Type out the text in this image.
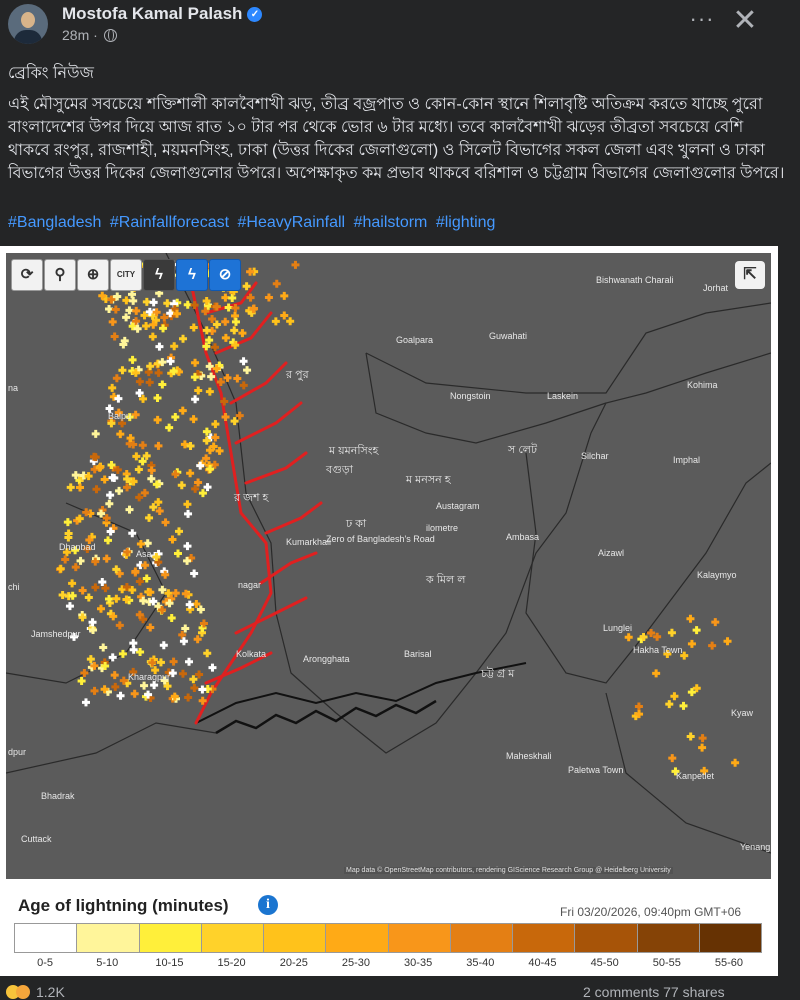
Mostofa Kamal Palash ✓
28m ·
··· ✕

ব্রেকিং নিউজ

এই মৌসুমের সবচেয়ে শক্তিশালী কালবৈশাখী ঝড়, তীব্র বজ্রপাত ও কোন-কোন স্থানে শিলাবৃষ্টি অতিক্রম করতে যাচ্ছে পুরো বাংলাদেশের উপর দিয়ে আজ রাত ১০ টার পর থেকে ভোর ৬ টার মধ্যে। তবে কালবৈশাখী ঝড়ের তীব্রতা সবচেয়ে বেশি থাকবে রংপুর, রাজশাহী, ময়মনসিংহ, ঢাকা (উত্তর দিকের জেলাগুলো) ও সিলেট বিভাগের সকল জেলা এবং খুলনা ও ঢাকা বিভাগের উত্তর দিকের জেলাগুলোর উপরে। অপেক্ষাকৃত কম প্রভাব থাকবে বরিশাল ও চট্টগ্রাম বিভাগের জেলাগুলোর উপরে।

#Bangladesh #Rainfallforecast #HeavyRainfall #hailstorm #lighting
Bishwanath Charali
Jorhat
Goalpara	Guwahati
Nongstoin	Laskein
Kohima
Silchar	Imphal
Aizawl
Austagram
Ambasa
Kalaymyo
Lunglei
Hakha Town
Kyaw
Paletwa Town
Kanpetlet
Maheskhali
Barisal
Arongghata
Kolkata
Kharagpur
Jamshedpur
Dhanbad
Asa
Bhadrak
Cuttack
Yenang
Kumarkhali
Zero of Bangladesh's Road
Balpu
nagar
na
chi
dpur
ilometre
র পুর
ম য়মনসিংহ
ম মনসন হ
স লেট
র জশ হ
ক মিল ল
চট্ট গ্র ম
ঢ কা
বগুড়া
⟳	⚲	⊕	CITY	ϟ	ϟ	⊘	⇱
Map data © OpenStreetMap contributors, rendering GIScience Research Group @ Heidelberg University
Age of lightning (minutes)	i	Fri 03/20/2026, 09:40pm GMT+06
0-5	5-10	10-15	15-20	20-25	25-30	30-35	35-40	40-45	45-50	50-55	55-60
1.2K	2 comments 77 shares
